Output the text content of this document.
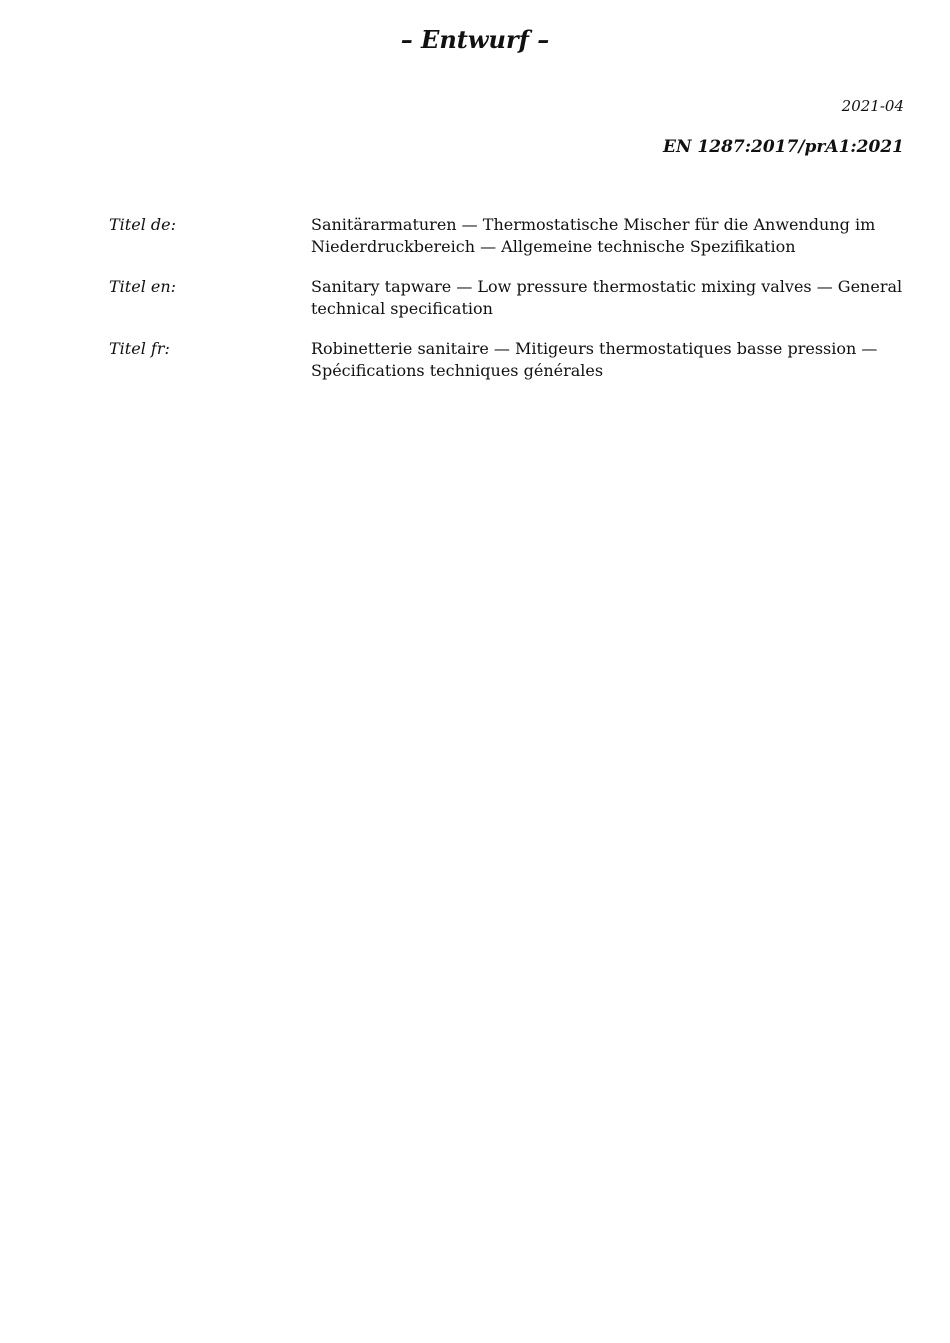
– Entwurf –
2021-04
EN 1287:2017/prA1:2021
Titel de:	Sanitärarmaturen — Thermostatische Mischer für die Anwendung im Niederdruckbereich — Allgemeine technische Spezifikation
Titel en:	Sanitary tapware — Low pressure thermostatic mixing valves — General technical specification
Titel fr:	Robinetterie sanitaire — Mitigeurs thermostatiques basse pression — Spécifications techniques générales
